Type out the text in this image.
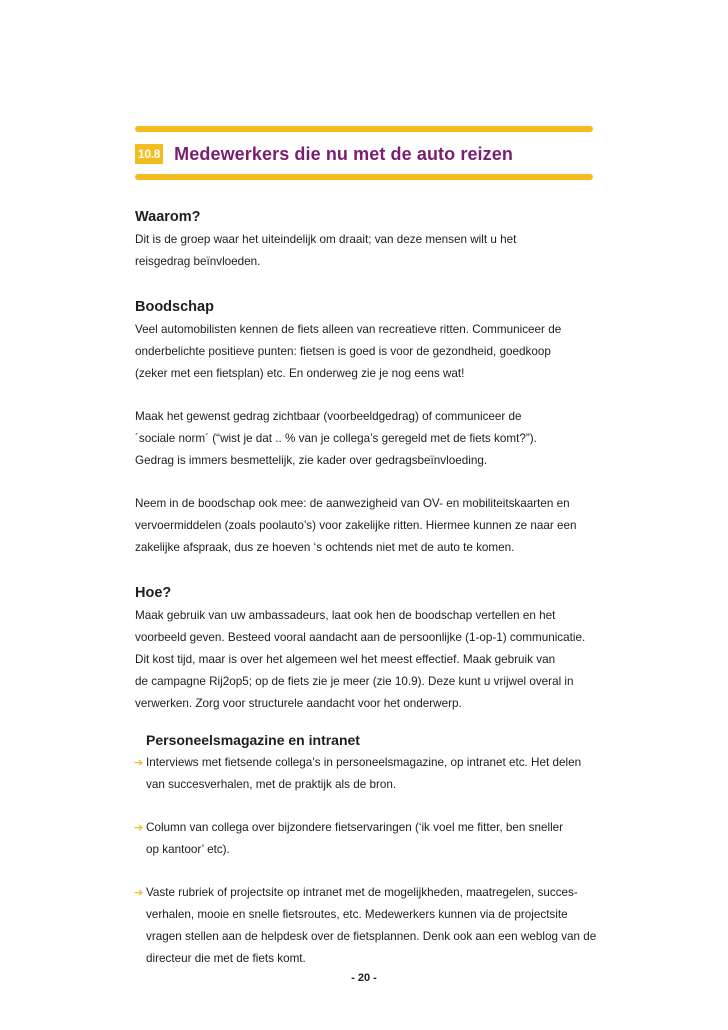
10.8 Medewerkers die nu met de auto reizen
Waarom?

Dit is de groep waar het uiteindelijk om draait; van deze mensen wilt u het
reisgedrag beïnvloeden.

Boodschap

Veel automobilisten kennen de fiets alleen van recreatieve ritten. Communiceer de
onderbelichte positieve punten: fietsen is goed is voor de gezondheid, goedkoop
(zeker met een fietsplan) etc. En onderweg zie je nog eens wat!

Maak het gewenst gedrag zichtbaar (voorbeeldgedrag) of communiceer de
´sociale norm´ (“wist je dat .. % van je collega’s geregeld met de fiets komt?”).
Gedrag is immers besmettelijk, zie kader over gedragsbeïnvloeding.

Neem in de boodschap ook mee: de aanwezigheid van OV- en mobiliteitskaarten en
vervoermiddelen (zoals poolauto’s) voor zakelijke ritten. Hiermee kunnen ze naar een
zakelijke afspraak, dus ze hoeven ‘s ochtends niet met de auto te komen.

Hoe?

Maak gebruik van uw ambassadeurs, laat ook hen de boodschap vertellen en het
voorbeeld geven. Besteed vooral aandacht aan de persoonlijke (1-op-1) communicatie.
Dit kost tijd, maar is over het algemeen wel het meest effectief. Maak gebruik van
de campagne Rij2op5; op de fiets zie je meer (zie 10.9). Deze kunt u vrijwel overal in
verwerken. Zorg voor structurele aandacht voor het onderwerp.

Personeelsmagazine en intranet
➔ Interviews met fietsende collega’s in personeelsmagazine, op intranet etc. Het delen
van succesverhalen, met de praktijk als de bron.

➔ Column van collega over bijzondere fietservaringen (‘ik voel me fitter, ben sneller
op kantoor’ etc).

➔ Vaste rubriek of projectsite op intranet met de mogelijkheden, maatregelen, succes-
verhalen, mooie en snelle fietsroutes, etc. Medewerkers kunnen via de projectsite
vragen stellen aan de helpdesk over de fietsplannen. Denk ook aan een weblog van de
directeur die met de fiets komt.

- 20 -
